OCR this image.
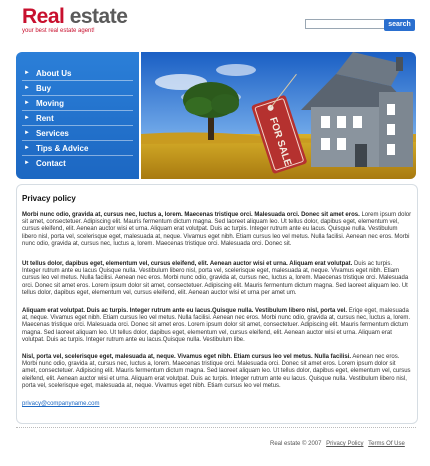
Real estate
your best real estate agent!
search
► About Us
► Buy
► Moving
► Rent
► Services
► Tips & Advice
► Contact	FOR SALE
Privacy policy
Morbi nunc odio, gravida at, cursus nec, luctus a, lorem. Maecenas tristique orci. Malesuada orci. Donec sit amet eros. Lorem ipsum dolor sit amet, consectetuer. Adipiscing elit. Mauris fermentum dictum magna. Sed laoreet aliquam leo. Ut tellus dolor, dapibus eget, elementum vel, cursus eleifend, elit. Aenean auctor wisi et urna. Aliquam erat volutpat. Duis ac turpis. Integer rutrum ante eu lacus. Quisque nulla. Vestibulum libero nisl, porta vel, scelerisque eget, malesuada at, neque. Vivamus eget nibh. Etiam cursus leo vel metus. Nulla facilisi. Aenean nec eros. Morbi nunc odio, gravida at, cursus nec, luctus a, lorem. Maecenas tristique orci. Malesuada orci. Donec sit.
Ut tellus dolor, dapibus eget, elementum vel, cursus eleifend, elit. Aenean auctor wisi et urna. Aliquam erat volutpat. Duis ac turpis. Integer rutrum ante eu lacus Quisque nulla. Vestibulum libero nisl, porta vel, scelerisque eget, malesuada at, neque. Vivamus eget nibh. Etiam cursus leo vel metus. Nulla facilisi. Aenean nec eros. Morbi nunc odio, gravida at, cursus nec, luctus a, lorem. Maecenas tristique orci. Malesuada orci. Donec sit amet eros. Lorem ipsum dolor sit amet, consectetuer. Adipiscing elit. Mauris fermentum dictum magna. Sed laoreet aliquam leo. Ut tellus dolor, dapibus eget, elementum vel, cursus eleifend, elit. Aenean auctor wisi et urna per amet um.
Aliquam erat volutpat. Duis ac turpis. Integer rutrum ante eu lacus.Quisque nulla. Vestibulum libero nisl, porta vel. Eriqe eget, malesuada at, neque. Vivamus eget nibh. Etiam cursus leo vel metus. Nulla facilisi. Aenean nec eros. Morbi nunc odio, gravida at, cursus nec, luctus a, lorem. Maecenas tristique orci. Malesuada orci. Donec sit amet eros. Lorem ipsum dolor sit amet, consectetuer. Adipiscing elit. Mauris fermentum dictum magna. Sed laoreet aliquam leo. Ut tellus dolor, dapibus eget, elementum vel, cursus eleifend, elit. Aenean auctor wisi et urna. Aliquam erat volutpat. Duis ac turpis. Integer rutrum ante eu lacus.Quisque nulla. Vestibulum libe.
Nisl, porta vel, scelerisque eget, malesuada at, neque. Vivamus eget nibh. Etiam cursus leo vel metus. Nulla facilisi. Aenean nec eros. Morbi nunc odio, gravida at, cursus nec, luctus a, lorem. Maecenas tristique orci. Malesuada orci. Donec sit amet eros. Lorem ipsum dolor sit amet, consectetuer. Adipiscing elit. Mauris fermentum dictum magna. Sed laoreet aliquam leo. Ut tellus dolor, dapibus eget, elementum vel, cursus eleifend, elit. Aenean auctor wisi et urna. Aliquam erat volutpat. Duis ac turpis. Integer rutrum ante eu lacus. Quisque nulla. Vestibulum libero nisl, porta vel, scelerisque eget, malesuada at, neque. Vivamus eget nibh. Etiam cursus leo vel metus.
privacy@companyname.com
Real estate © 2007 Privacy Policy Terms Of Use
